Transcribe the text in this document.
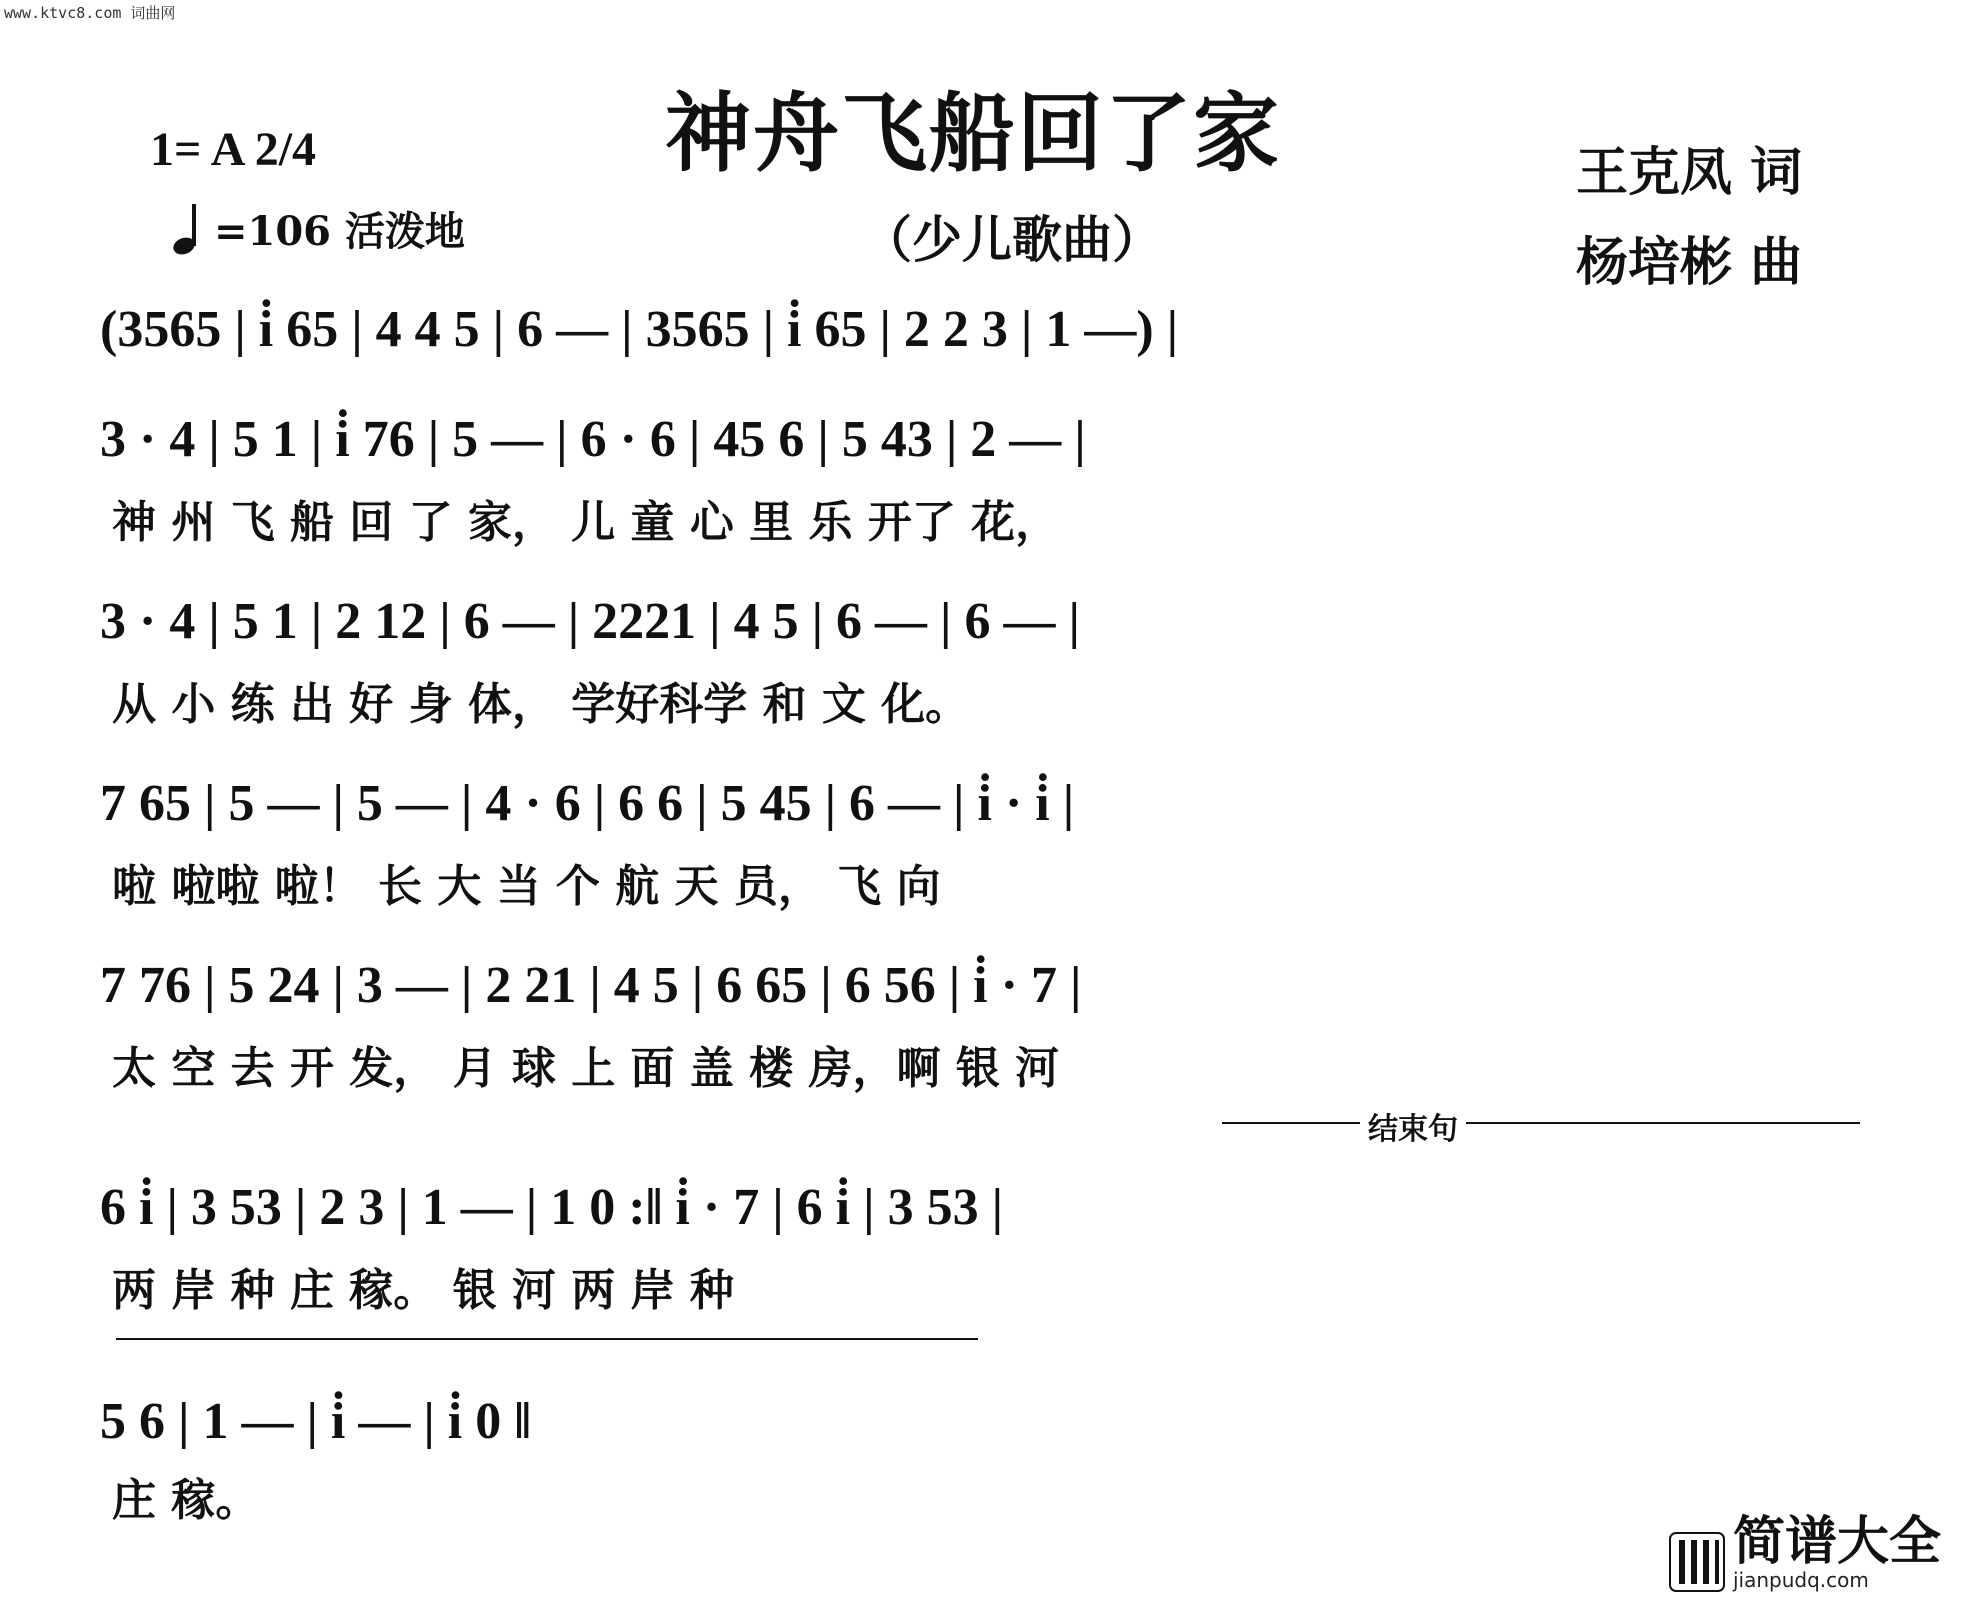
www.ktvc8.com 词曲网
1= A 2/4
=106 活泼地
神舟飞船回了家
（少儿歌曲）
王克凤 词
杨培彬 曲
(3565 | i̇ 65 | 4 4 5 | 6 — | 3565 | i̇ 65 | 2 2 3 | 1 —) |
3 · 4 | 5 1 | i̇ 76 | 5 — | 6 · 6 | 45 6 | 5 43 | 2 — |
神 州 飞 船 回 了 家， 儿 童 心 里 乐 开了 花，
3 · 4 | 5 1 | 2 12 | 6 — | 2221 | 4 5 | 6 — | 6 — |
从 小 练 出 好 身 体， 学好科学 和 文 化。
7 65 | 5 — | 5 — | 4 · 6 | 6 6 | 5 45 | 6 — | i̇ · i̇ |
啦 啦啦 啦！ 长 大 当 个 航 天 员， 飞 向
7 76 | 5 24 | 3 — | 2 21 | 4 5 | 6 65 | 6 56 | i̇ · 7 |
太 空 去 开 发， 月 球 上 面 盖 楼 房，啊 银 河
结束句
6 i̇ | 3 53 | 2 3 | 1 — | 1 0 :‖ i̇ · 7 | 6 i̇ | 3 53 |
两 岸 种 庄 稼。 银 河 两 岸 种
5 6 | 1 — | i̇ — | i̇ 0 ‖
庄 稼。
简谱大全
jianpudq.com
